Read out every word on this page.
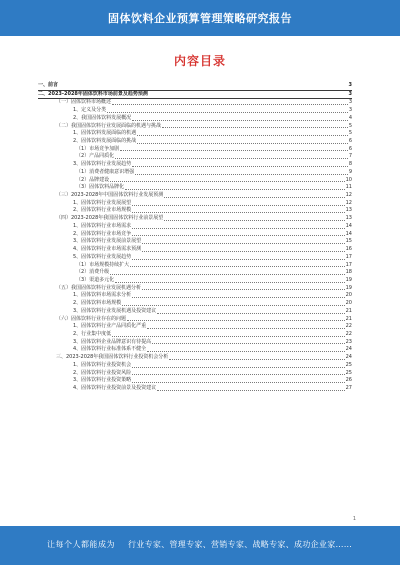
固体饮料企业预算管理策略研究报告
内容目录
一、前言	3
二、2023-2028年固体饮料市场前景及趋势预测	3
（一）固体饮料市场概述	3
1、定义及分类	3
2、我国固体饮料发展概况	4
（二）我国固体饮料行业发展面临的机遇与挑战	5
1、固体饮料发展面临的机遇	5
2、固体饮料发展面临的挑战	6
（1）市场竞争加剧	6
（2）产品同质化	7
3、固体饮料行业发展趋势	8
（1）消费者健康意识增强	9
（2）品牌建设	10
（3）固体饮料品牌化	11
（三）2023-2028年中国固体饮料行业发展预测	12
1、固体饮料行业发展展望	12
2、固体饮料行业市场规模	13
（四）2023-2028年我国固体饮料行业前景展望	13
1、固体饮料行业市场需求	14
2、固体饮料行业市场竞争	14
3、固体饮料行业发展前景展望	15
4、固体饮料行业市场需求预测	16
5、固体饮料行业发展趋势	17
（1）市场规模持续扩大	17
（2）消费升级	18
（3）渠道多元化	19
（五）我国固体饮料行业发展机遇分析	19
1、固体饮料市场需求分析	20
2、固体饮料市场规模	20
3、固体饮料行业发展机遇及投资建议	21
（六）固体饮料行业存在的问题	21
1、固体饮料行业产品同质化严重	22
2、行业集中度低	22
3、固体饮料企业品牌意识有待提高	23
4、固体饮料行业标准体系不健全	24
三、2023-2028年我国固体饮料行业投资机会分析	24
1、固体饮料行业投资机会	25
2、固体饮料行业投资风险	25
3、固体饮料行业投资策略	26
4、固体饮料行业投资前景及投资建议	27
1
让每个人都能成为 行业专家、管理专家、营销专家、战略专家、成功企业家……
